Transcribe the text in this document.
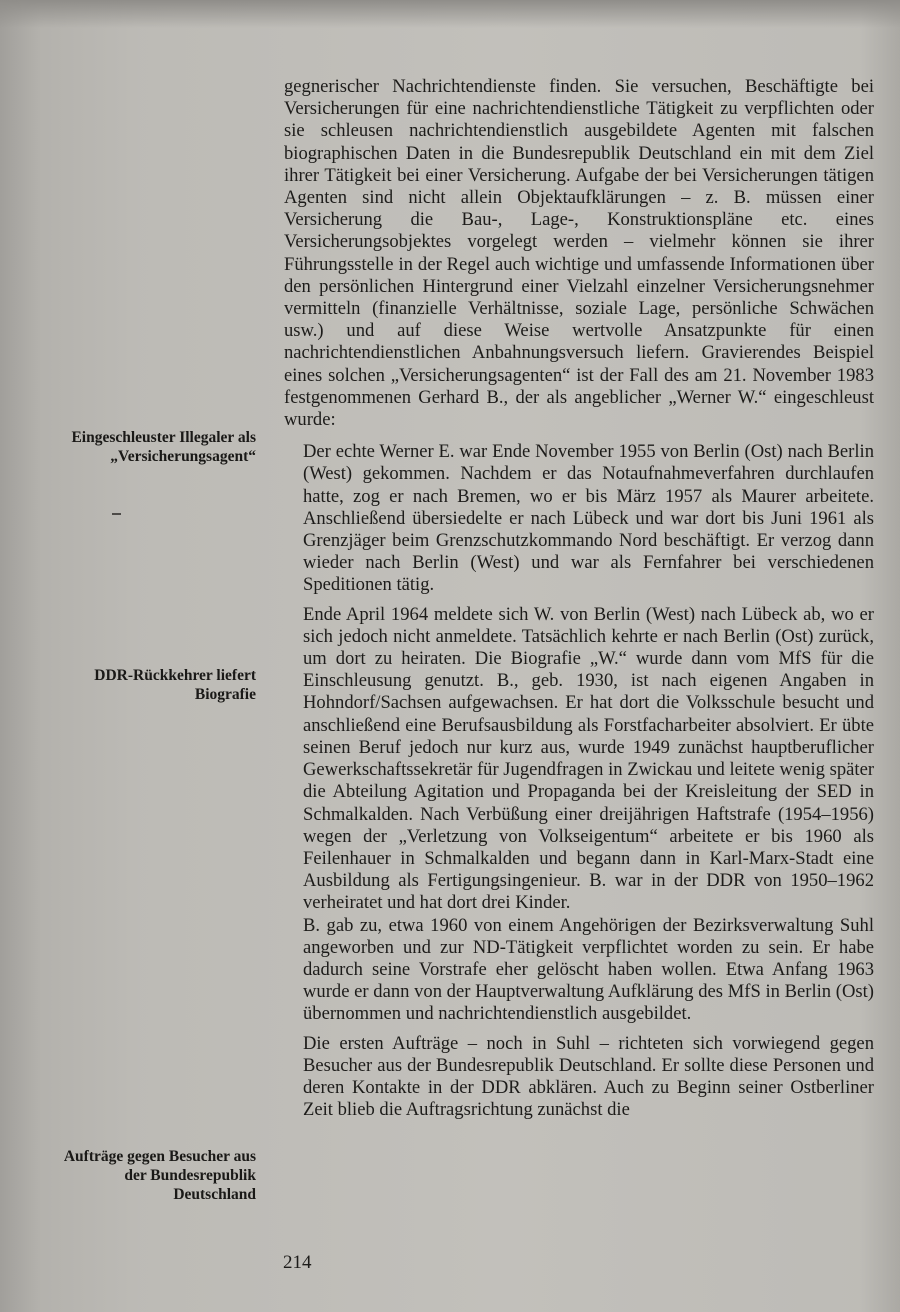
Eingeschleuster Illegaler als „Versicherungsagent“
DDR-Rückkehrer liefert Biografie
Aufträge gegen Besucher aus der Bundesrepublik Deutschland

gegnerischer Nachrichtendienste finden. Sie versuchen, Beschäftigte bei Versicherungen für eine nachrichtendienstliche Tätigkeit zu verpflichten oder sie schleusen nachrichtendienstlich ausgebildete Agenten mit falschen biographischen Daten in die Bundesrepublik Deutschland ein mit dem Ziel ihrer Tätigkeit bei einer Versicherung. Aufgabe der bei Versicherungen tätigen Agenten sind nicht allein Objektaufklärungen – z. B. müssen einer Versicherung die Bau-, Lage-, Konstruktionspläne etc. eines Versicherungsobjektes vorgelegt werden – vielmehr können sie ihrer Führungsstelle in der Regel auch wichtige und umfassende Informationen über den persönlichen Hintergrund einer Vielzahl einzelner Versicherungsnehmer vermitteln (finanzielle Verhältnisse, soziale Lage, persönliche Schwächen usw.) und auf diese Weise wertvolle Ansatzpunkte für einen nachrichtendienstlichen Anbahnungsversuch liefern. Gravierendes Beispiel eines solchen „Versicherungsagenten“ ist der Fall des am 21. November 1983 festgenommenen Gerhard B., der als angeblicher „Werner W.“ eingeschleust wurde:

Der echte Werner E. war Ende November 1955 von Berlin (Ost) nach Berlin (West) gekommen. Nachdem er das Notaufnahmeverfahren durchlaufen hatte, zog er nach Bremen, wo er bis März 1957 als Maurer arbeitete. Anschließend übersiedelte er nach Lübeck und war dort bis Juni 1961 als Grenzjäger beim Grenzschutzkommando Nord beschäftigt. Er verzog dann wieder nach Berlin (West) und war als Fernfahrer bei verschiedenen Speditionen tätig.

Ende April 1964 meldete sich W. von Berlin (West) nach Lübeck ab, wo er sich jedoch nicht anmeldete. Tatsächlich kehrte er nach Berlin (Ost) zurück, um dort zu heiraten. Die Biografie „W.“ wurde dann vom MfS für die Einschleusung genutzt. B., geb. 1930, ist nach eigenen Angaben in Hohndorf/Sachsen aufgewachsen. Er hat dort die Volksschule besucht und anschließend eine Berufsausbildung als Forstfacharbeiter absolviert. Er übte seinen Beruf jedoch nur kurz aus, wurde 1949 zunächst hauptberuflicher Gewerkschaftssekretär für Jugendfragen in Zwickau und leitete wenig später die Abteilung Agitation und Propaganda bei der Kreisleitung der SED in Schmalkalden. Nach Verbüßung einer dreijährigen Haftstrafe (1954–1956) wegen der „Verletzung von Volkseigentum“ arbeitete er bis 1960 als Feilenhauer in Schmalkalden und begann dann in Karl-Marx-Stadt eine Ausbildung als Fertigungsingenieur. B. war in der DDR von 1950–1962 verheiratet und hat dort drei Kinder.

B. gab zu, etwa 1960 von einem Angehörigen der Bezirksverwaltung Suhl angeworben und zur ND-Tätigkeit verpflichtet worden zu sein. Er habe dadurch seine Vorstrafe eher gelöscht haben wollen. Etwa Anfang 1963 wurde er dann von der Hauptverwaltung Aufklärung des MfS in Berlin (Ost) übernommen und nachrichtendienstlich ausgebildet.

Die ersten Aufträge – noch in Suhl – richteten sich vorwiegend gegen Besucher aus der Bundesrepublik Deutschland. Er sollte diese Personen und deren Kontakte in der DDR abklären. Auch zu Beginn seiner Ostberliner Zeit blieb die Auftragsrichtung zunächst die

214
